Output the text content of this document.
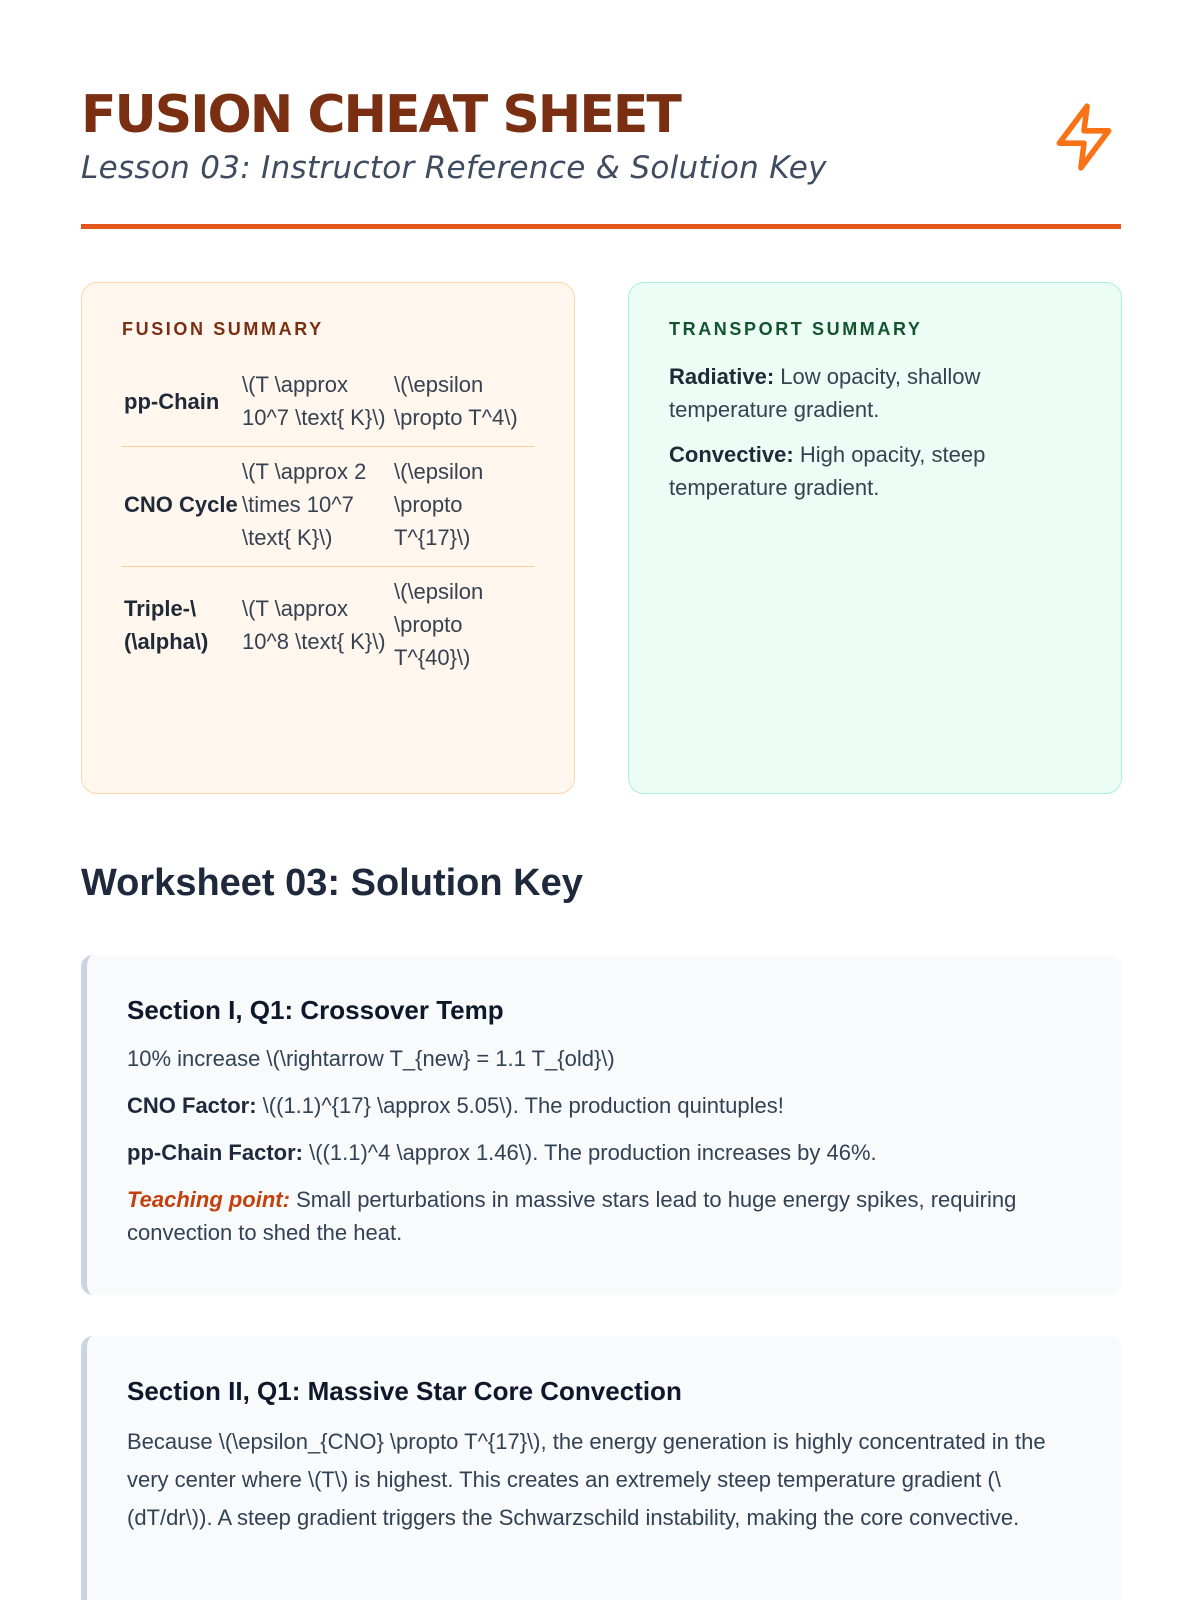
FUSION CHEAT SHEET
Lesson 03: Instructor Reference & Solution Key
FUSION SUMMARY
pp-Chain	\(T \approx 10^7 \text{ K}\)	\(\epsilon \propto T^4\)
CNO Cycle	\(T \approx 2 \times 10^7 \text{ K}\)	\(\epsilon \propto T^{17}\)
Triple-\(\alpha\)	\(T \approx 10^8 \text{ K}\)	\(\epsilon \propto T^{40}\)
TRANSPORT SUMMARY

Radiative: Low opacity, shallow temperature gradient.

Convective: High opacity, steep temperature gradient.

Worksheet 03: Solution Key
Section I, Q1: Crossover Temp

10% increase \(\rightarrow T_{new} = 1.1 T_{old}\)

CNO Factor: \((1.1)^{17} \approx 5.05\). The production quintuples!

pp-Chain Factor: \((1.1)^4 \approx 1.46\). The production increases by 46%.

Teaching point: Small perturbations in massive stars lead to huge energy spikes, requiring convection to shed the heat.

Section II, Q1: Massive Star Core Convection

Because \(\epsilon_{CNO} \propto T^{17}\), the energy generation is highly concentrated in the very center where \(T\) is highest. This creates an extremely steep temperature gradient (\(dT/dr\)). A steep gradient triggers the Schwarzschild instability, making the core convective.
